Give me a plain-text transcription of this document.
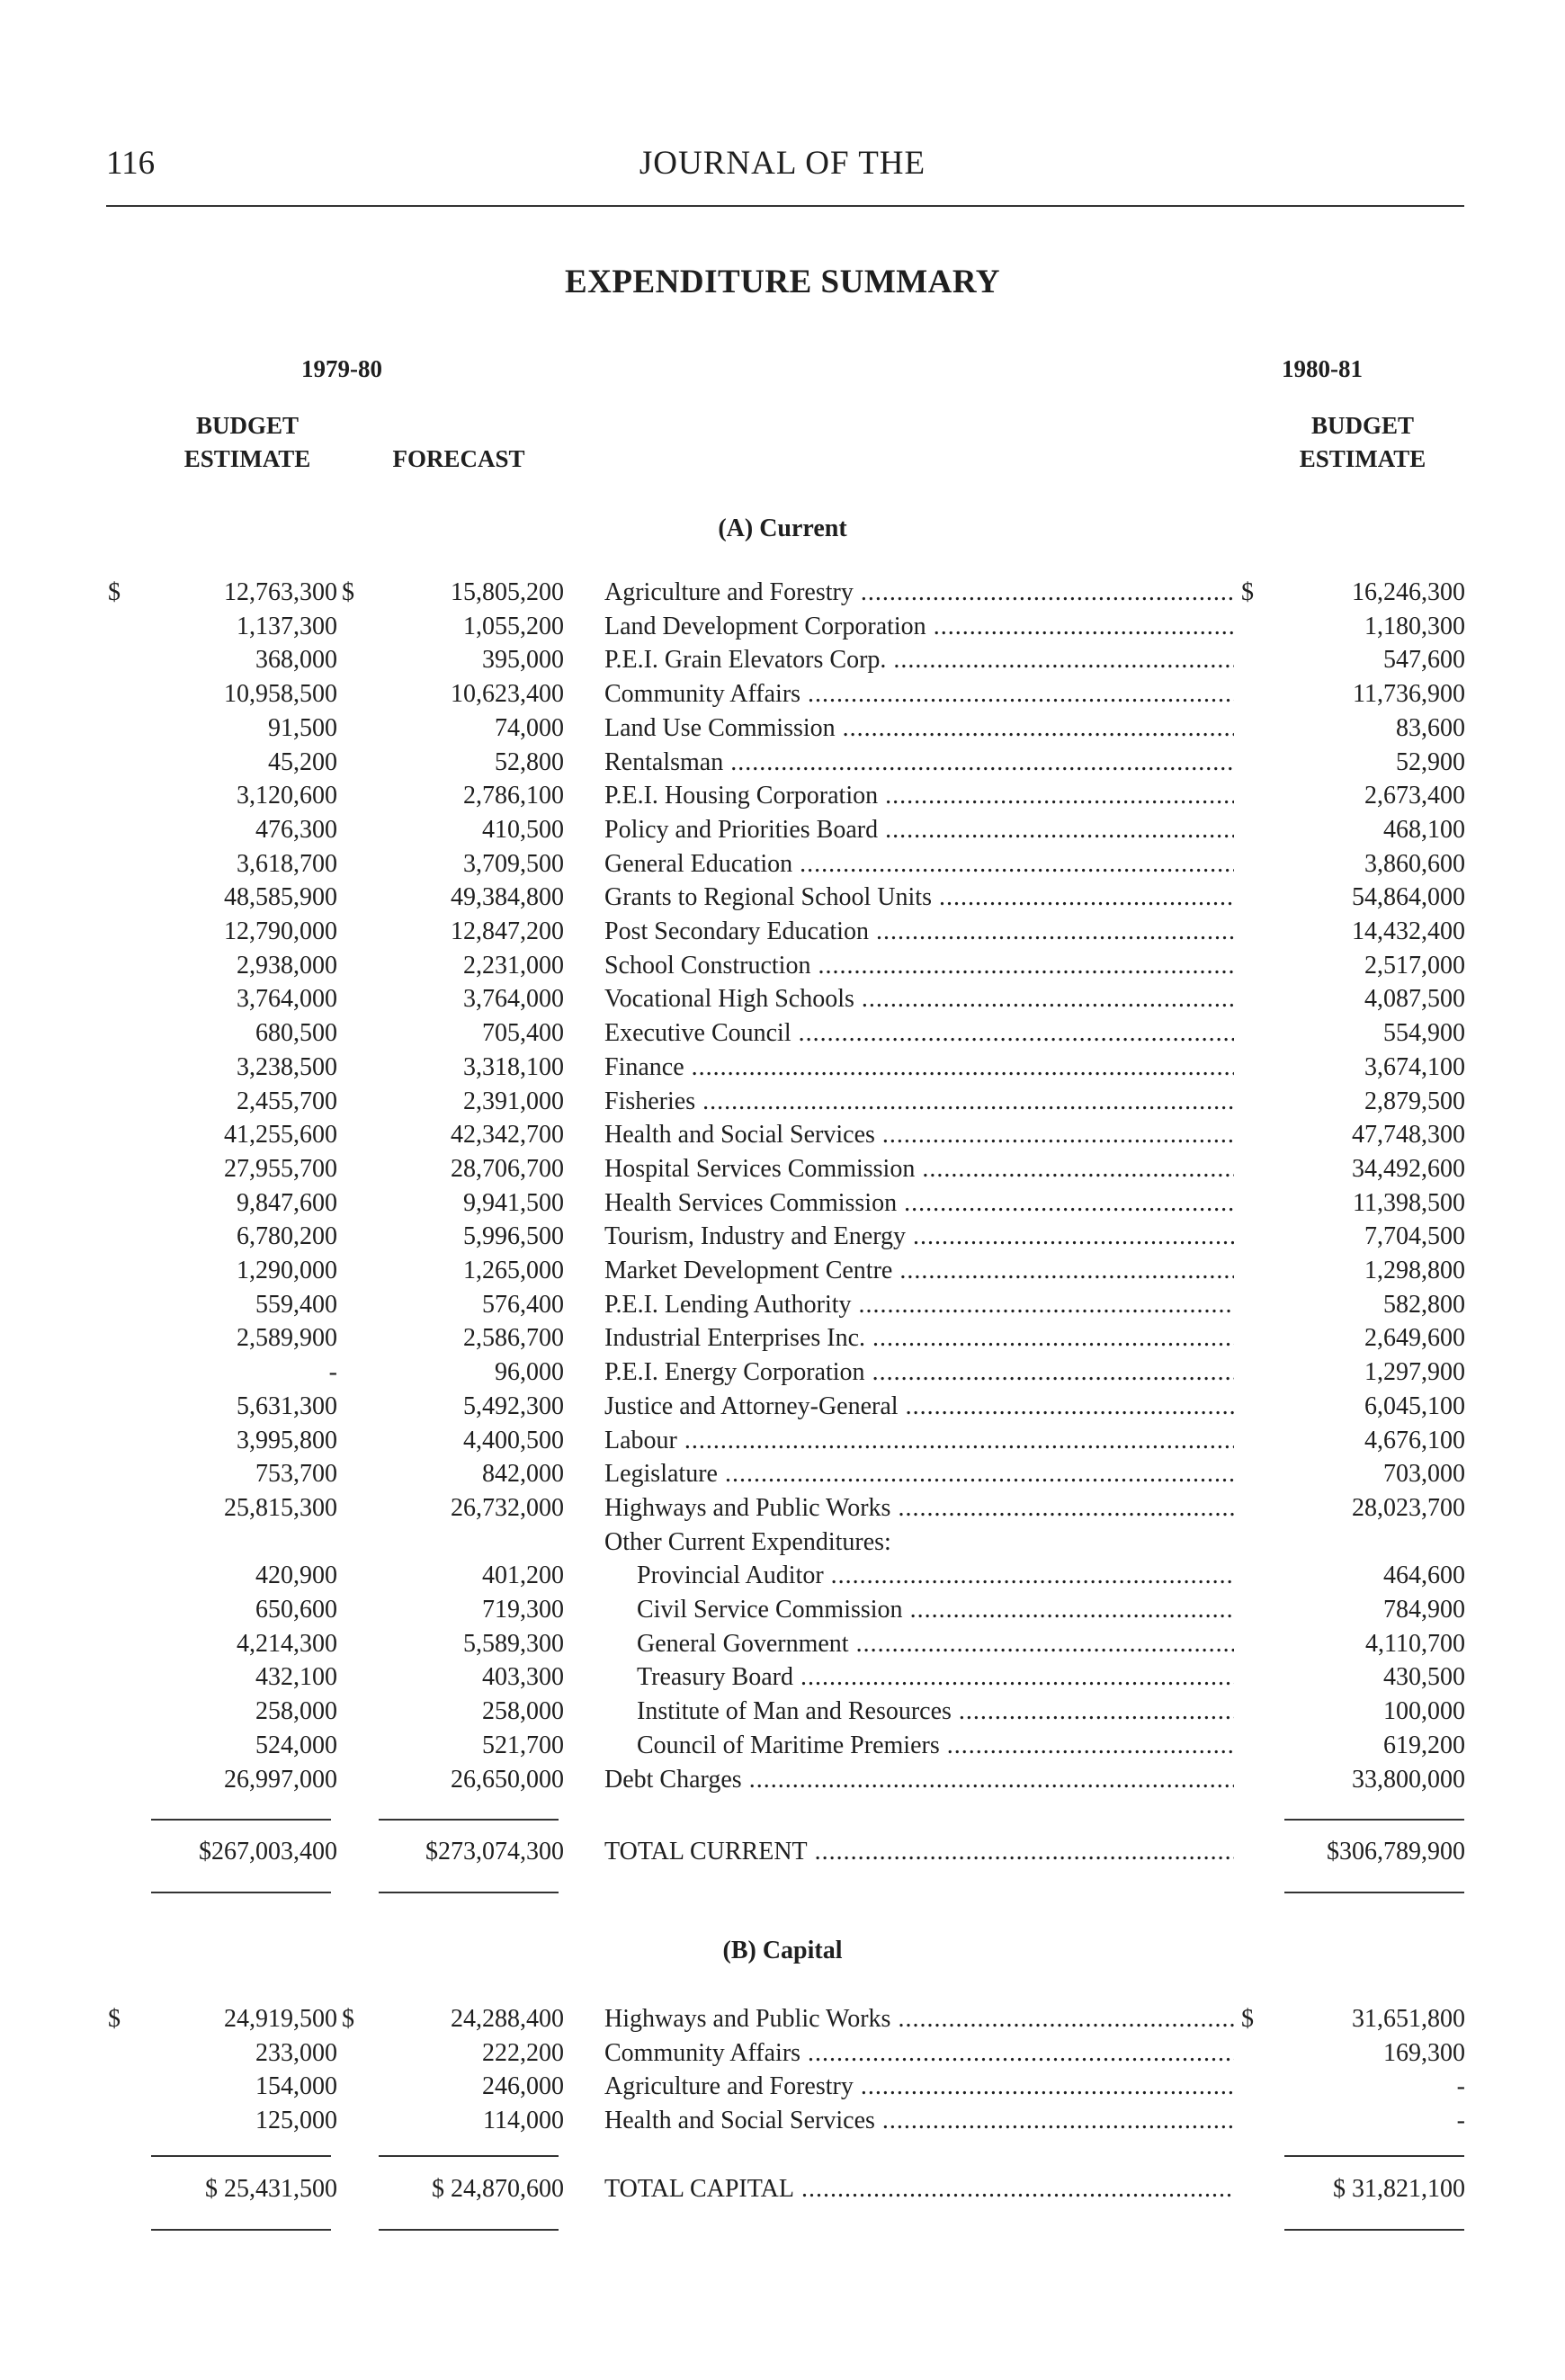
116	JOURNAL OF THE
EXPENDITURE SUMMARY
1979-80	1980-81
BUDGET
ESTIMATE	FORECAST
BUDGET
ESTIMATE
(A) Current
(B) Capital
$	12,763,300 $	15,805,200 Agriculture and Forestry .....	$	16,246,300
1,137,300	1,055,200 Land Development Corporation .....	1,180,300
368,000	395,000 P.E.I. Grain Elevators Corp. .....	547,600
10,958,500	10,623,400 Community Affairs .....	11,736,900
91,500	74,000 Land Use Commission .....	83,600
45,200	52,800 Rentalsman .....	52,900
3,120,600	2,786,100 P.E.I. Housing Corporation .....	2,673,400
476,300	410,500 Policy and Priorities Board .....	468,100
3,618,700	3,709,500 General Education .....	3,860,600
48,585,900	49,384,800 Grants to Regional School Units .....	54,864,000
12,790,000	12,847,200 Post Secondary Education .....	14,432,400
2,938,000	2,231,000 School Construction .....	2,517,000
3,764,000	3,764,000 Vocational High Schools .....	4,087,500
680,500	705,400 Executive Council .....	554,900
3,238,500	3,318,100 Finance .....	3,674,100
2,455,700	2,391,000 Fisheries .....	2,879,500
41,255,600	42,342,700 Health and Social Services .....	47,748,300
27,955,700	28,706,700 Hospital Services Commission .....	34,492,600
9,847,600	9,941,500 Health Services Commission .....	11,398,500
6,780,200	5,996,500 Tourism, Industry and Energy .....	7,704,500
1,290,000	1,265,000 Market Development Centre .....	1,298,800
559,400	576,400 P.E.I. Lending Authority .....	582,800
2,589,900	2,586,700 Industrial Enterprises Inc. .....	2,649,600
-	96,000 P.E.I. Energy Corporation .....	1,297,900
5,631,300	5,492,300 Justice and Attorney-General .....	6,045,100
3,995,800	4,400,500 Labour .....	4,676,100
753,700	842,000 Legislature .....	703,000
25,815,300	26,732,000 Highways and Public Works .....	28,023,700
Other Current Expenditures:
420,900	401,200	Provincial Auditor .....	464,600
650,600	719,300	Civil Service Commission .....	784,900
4,214,300	5,589,300	General Government .....	4,110,700
432,100	403,300	Treasury Board .....	430,500
258,000	258,000	Institute of Man and Resources .....	100,000
524,000	521,700	Council of Maritime Premiers .....	619,200
26,997,000	26,650,000 Debt Charges .....	33,800,000
$267,003,400	$273,074,300 TOTAL CURRENT .....	$306,789,900
$	24,919,500 $	24,288,400 Highways and Public Works .....	$	31,651,800
233,000	222,200 Community Affairs .....	169,300
154,000	246,000 Agriculture and Forestry .....	-
125,000	114,000 Health and Social Services .....	-
$ 25,431,500	$ 24,870,600 TOTAL CAPITAL .....	$ 31,821,100
